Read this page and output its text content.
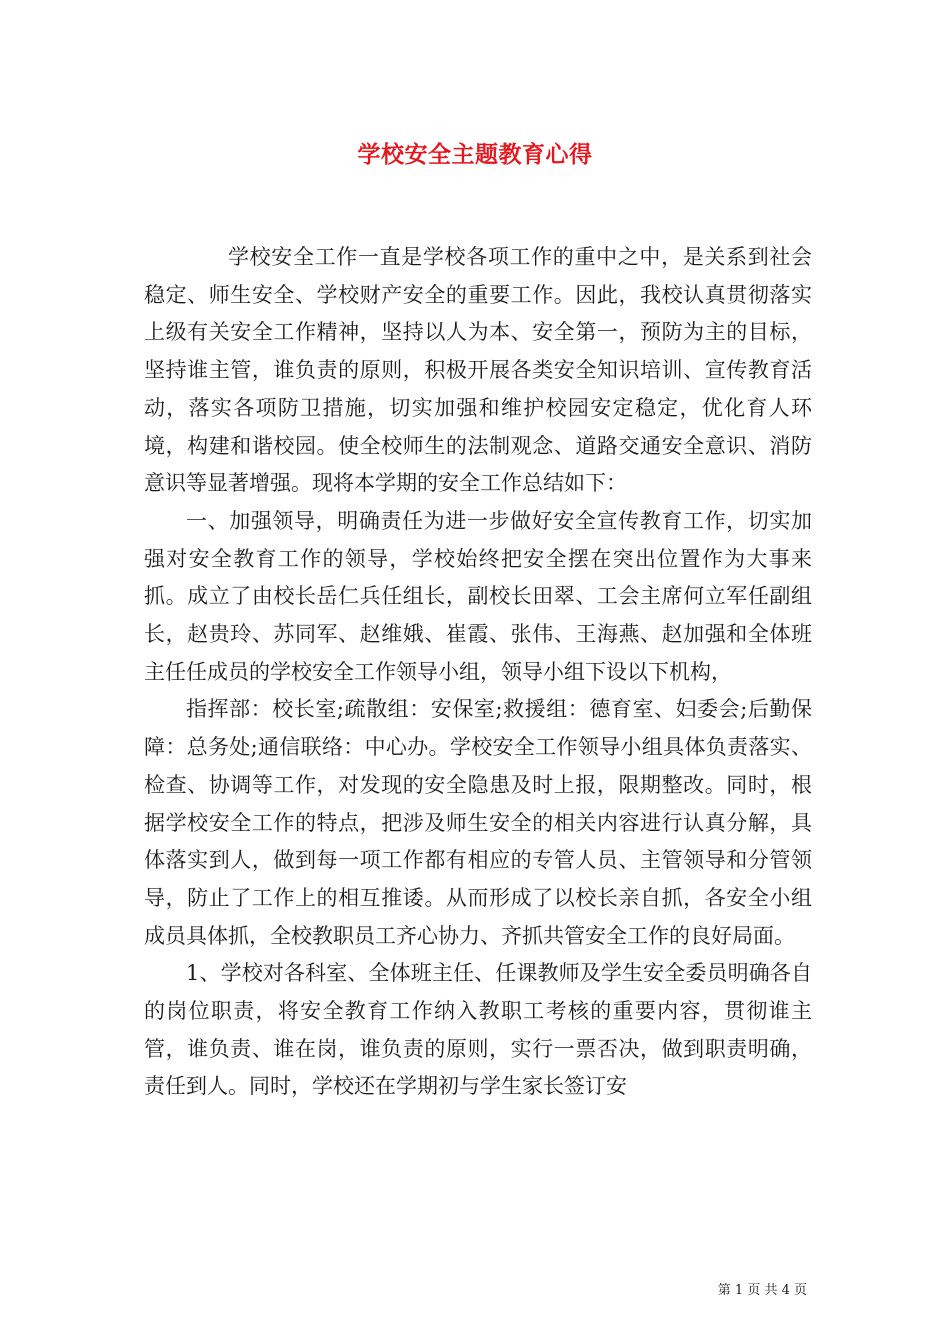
学校安全主题教育心得

学校安全工作一直是学校各项工作的重中之中，是关系到社会稳定、师生安全、学校财产安全的重要工作。因此，我校认真贯彻落实上级有关安全工作精神，坚持以人为本、安全第一，预防为主的目标，坚持谁主管，谁负责的原则，积极开展各类安全知识培训、宣传教育活动，落实各项防卫措施，切实加强和维护校园安定稳定，优化育人环境，构建和谐校园。使全校师生的法制观念、道路交通安全意识、消防意识等显著增强。现将本学期的安全工作总结如下：

一、加强领导，明确责任为进一步做好安全宣传教育工作，切实加强对安全教育工作的领导，学校始终把安全摆在突出位置作为大事来抓。成立了由校长岳仁兵任组长，副校长田翠、工会主席何立军任副组长，赵贵玲、苏同军、赵维娥、崔霞、张伟、王海燕、赵加强和全体班主任任成员的学校安全工作领导小组，领导小组下设以下机构，

指挥部：校长室;疏散组：安保室;救援组：德育室、妇委会;后勤保障：总务处;通信联络：中心办。学校安全工作领导小组具体负责落实、检查、协调等工作，对发现的安全隐患及时上报，限期整改。同时，根据学校安全工作的特点，把涉及师生安全的相关内容进行认真分解，具体落实到人，做到每一项工作都有相应的专管人员、主管领导和分管领导，防止了工作上的相互推诿。从而形成了以校长亲自抓，各安全小组成员具体抓，全校教职员工齐心协力、齐抓共管安全工作的良好局面。

1、学校对各科室、全体班主任、任课教师及学生安全委员明确各自的岗位职责，将安全教育工作纳入教职工考核的重要内容，贯彻谁主管，谁负责、谁在岗，谁负责的原则，实行一票否决，做到职责明确，责任到人。同时，学校还在学期初与学生家长签订安

第 1 页 共 4 页
